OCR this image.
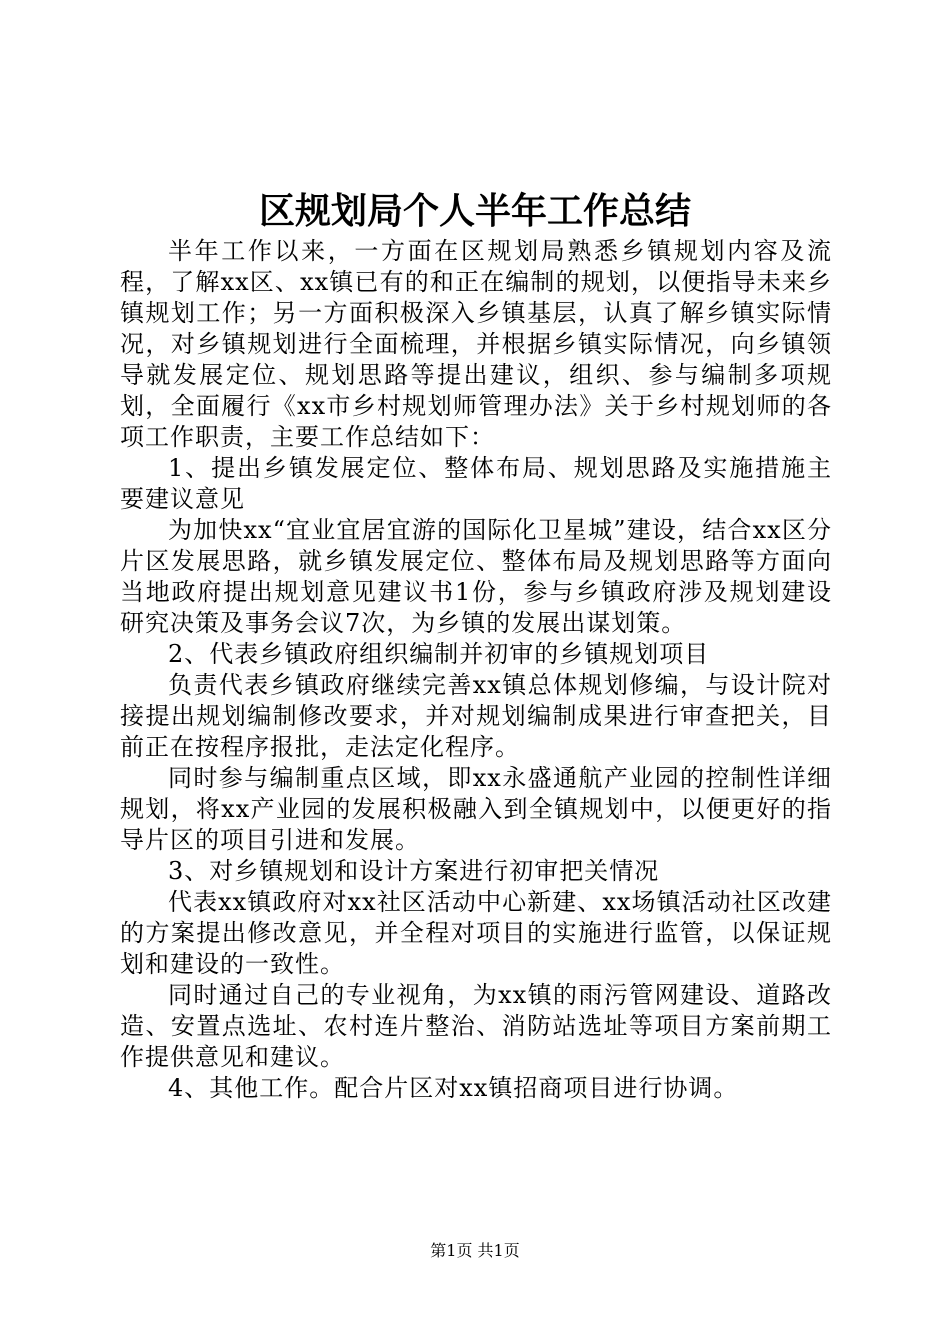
区规划局个人半年工作总结

半年工作以来，一方面在区规划局熟悉乡镇规划内容及流程，了解xx区、xx镇已有的和正在编制的规划，以便指导未来乡镇规划工作；另一方面积极深入乡镇基层，认真了解乡镇实际情况，对乡镇规划进行全面梳理，并根据乡镇实际情况，向乡镇领导就发展定位、规划思路等提出建议，组织、参与编制多项规划，全面履行《xx市乡村规划师管理办法》关于乡村规划师的各项工作职责，主要工作总结如下：

1、提出乡镇发展定位、整体布局、规划思路及实施措施主要建议意见

为加快xx“宜业宜居宜游的国际化卫星城”建设，结合xx区分片区发展思路，就乡镇发展定位、整体布局及规划思路等方面向当地政府提出规划意见建议书1份，参与乡镇政府涉及规划建设研究决策及事务会议7次，为乡镇的发展出谋划策。

2、代表乡镇政府组织编制并初审的乡镇规划项目

负责代表乡镇政府继续完善xx镇总体规划修编，与设计院对接提出规划编制修改要求，并对规划编制成果进行审查把关，目前正在按程序报批，走法定化程序。

同时参与编制重点区域，即xx永盛通航产业园的控制性详细规划，将xx产业园的发展积极融入到全镇规划中，以便更好的指导片区的项目引进和发展。

3、对乡镇规划和设计方案进行初审把关情况

代表xx镇政府对xx社区活动中心新建、xx场镇活动社区改建的方案提出修改意见，并全程对项目的实施进行监管，以保证规划和建设的一致性。

同时通过自己的专业视角，为xx镇的雨污管网建设、道路改造、安置点选址、农村连片整治、消防站选址等项目方案前期工作提供意见和建议。

4、其他工作。配合片区对xx镇招商项目进行协调。

第1页 共1页
